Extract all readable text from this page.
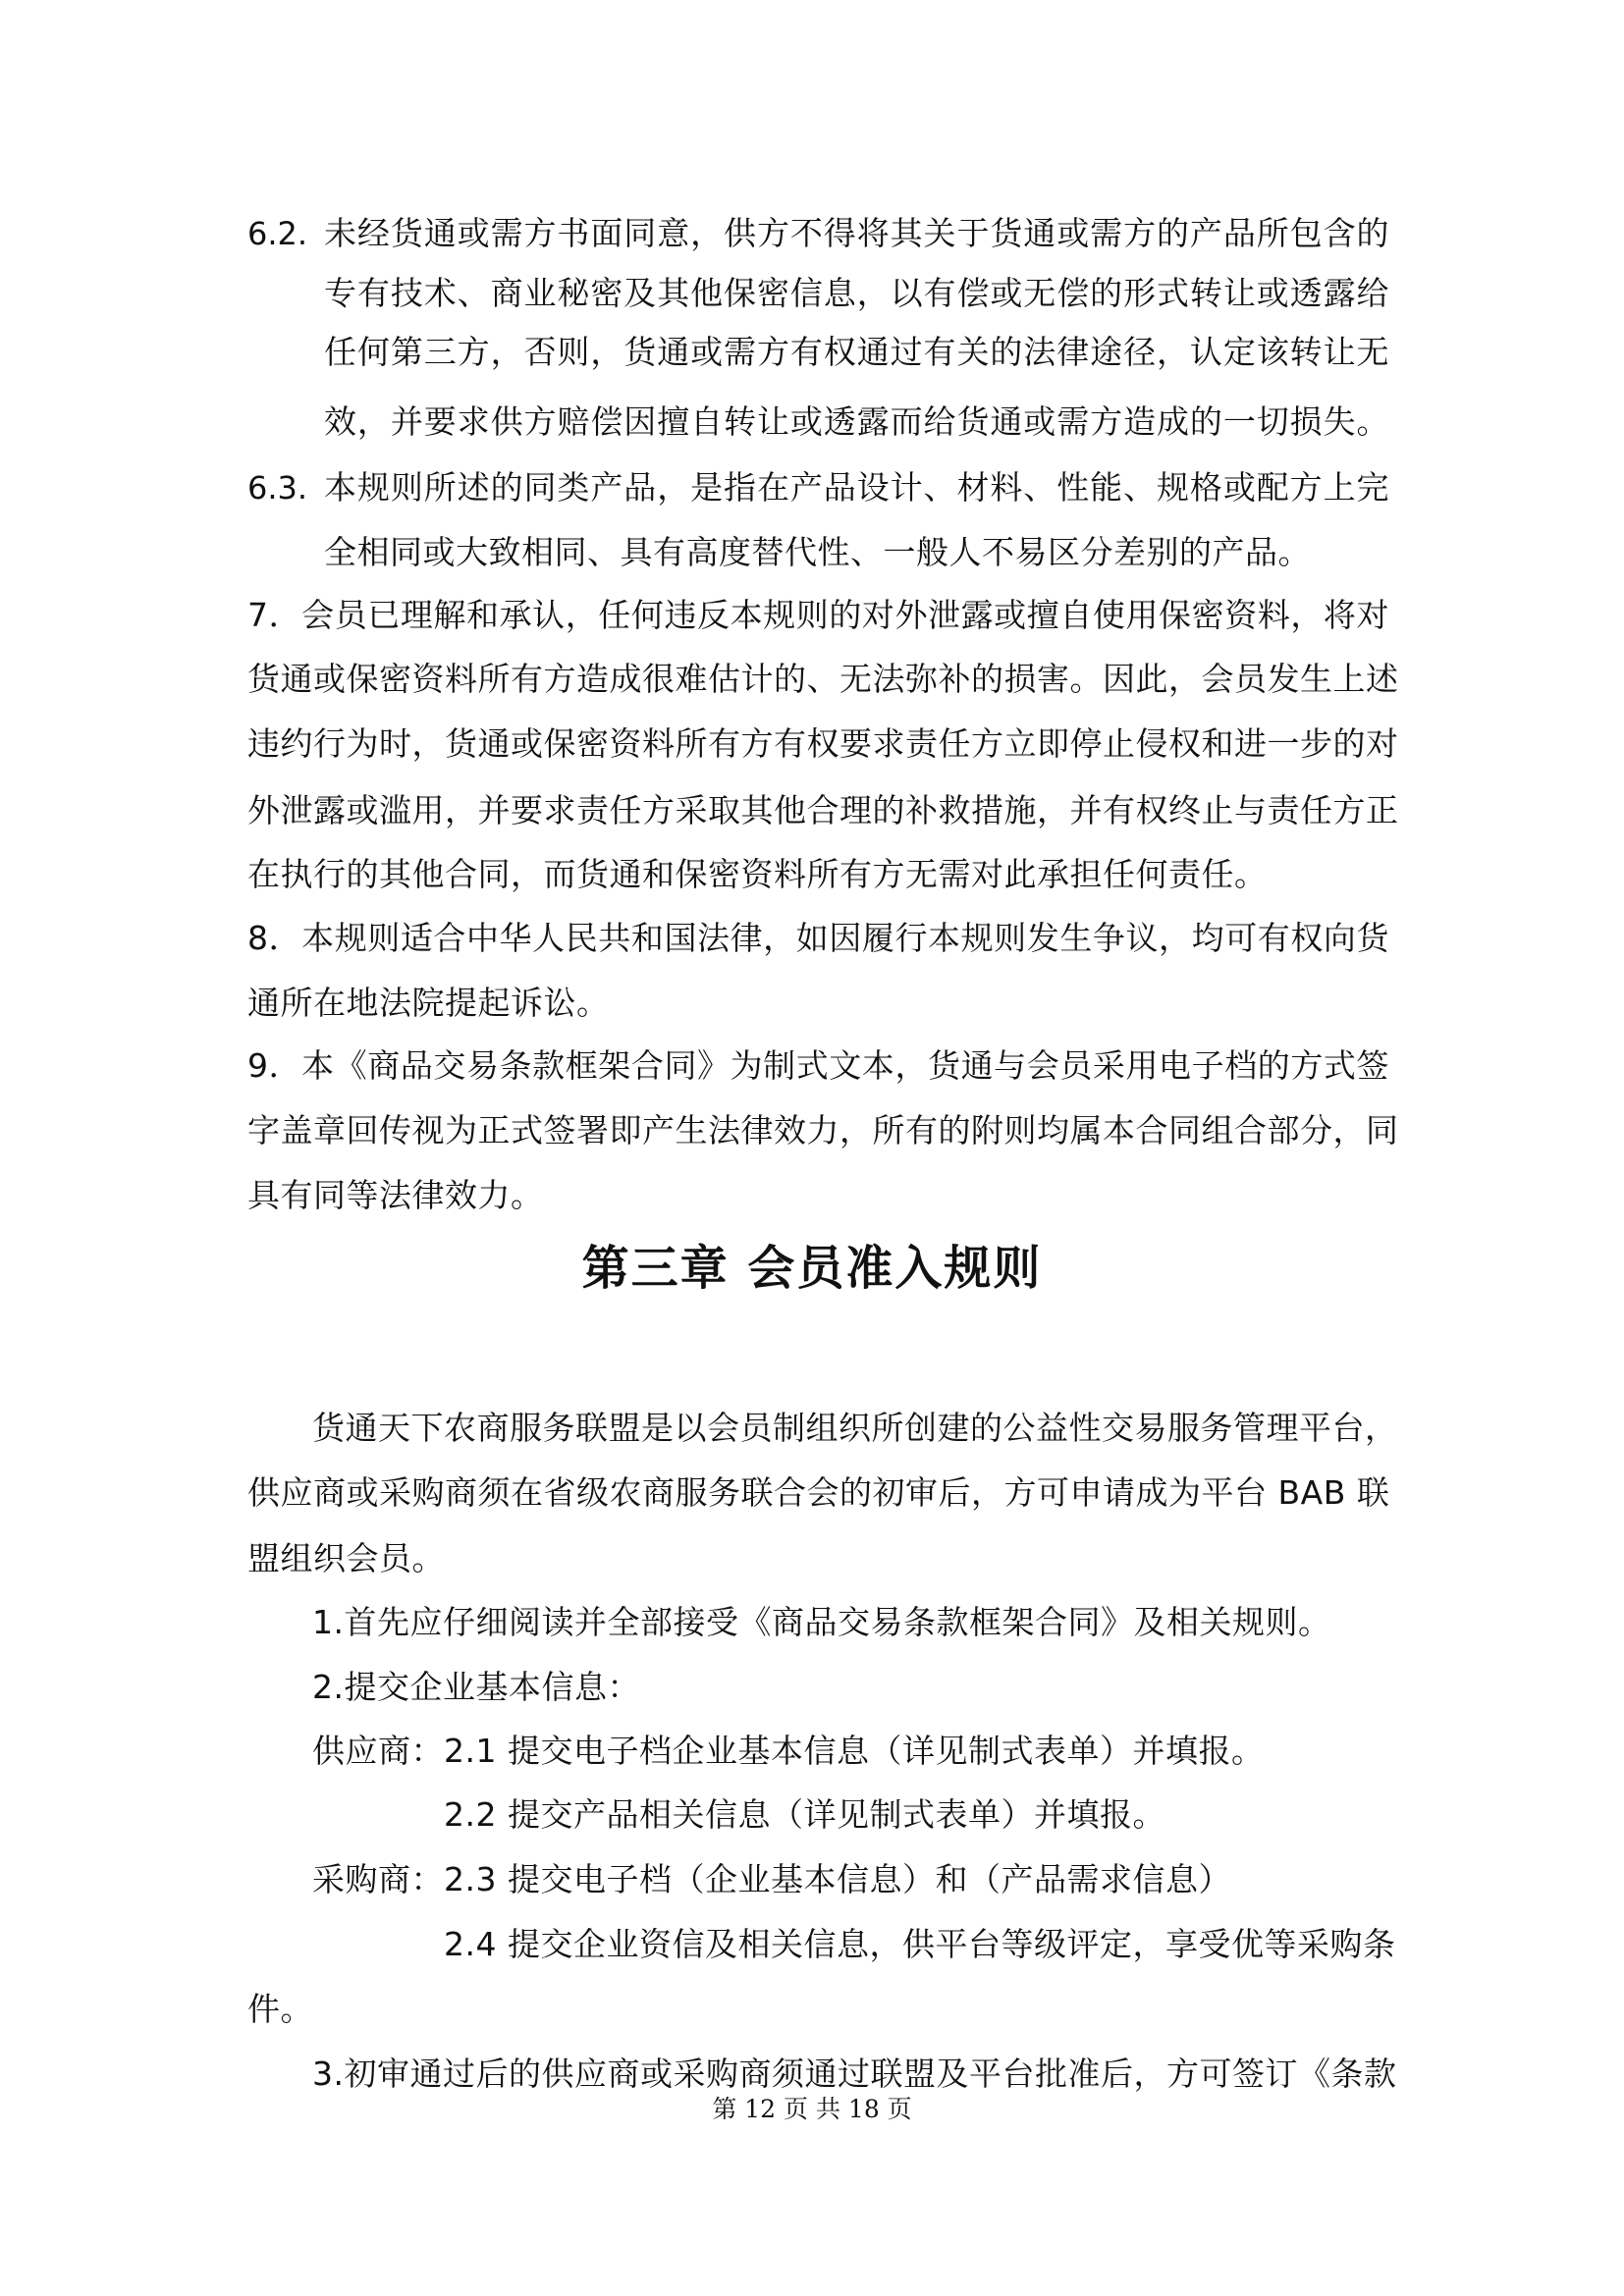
6.2. 未经货通或需方书面同意，供方不得将其关于货通或需方的产品所包含的
专有技术、商业秘密及其他保密信息，以有偿或无偿的形式转让或透露给
任何第三方，否则，货通或需方有权通过有关的法律途径，认定该转让无
效，并要求供方赔偿因擅自转让或透露而给货通或需方造成的一切损失。
6.3. 本规则所述的同类产品，是指在产品设计、材料、性能、规格或配方上完
全相同或大致相同、具有高度替代性、一般人不易区分差别的产品。
7．会员已理解和承认，任何违反本规则的对外泄露或擅自使用保密资料，将对
货通或保密资料所有方造成很难估计的、无法弥补的损害。因此，会员发生上述
违约行为时，货通或保密资料所有方有权要求责任方立即停止侵权和进一步的对
外泄露或滥用，并要求责任方采取其他合理的补救措施，并有权终止与责任方正
在执行的其他合同，而货通和保密资料所有方无需对此承担任何责任。
8．本规则适合中华人民共和国法律，如因履行本规则发生争议，均可有权向货
通所在地法院提起诉讼。
9．本《商品交易条款框架合同》为制式文本，货通与会员采用电子档的方式签
字盖章回传视为正式签署即产生法律效力，所有的附则均属本合同组合部分，同
具有同等法律效力。
第三章 会员准入规则
货通天下农商服务联盟是以会员制组织所创建的公益性交易服务管理平台，
供应商或采购商须在省级农商服务联合会的初审后，方可申请成为平台 BAB 联
盟组织会员。
1.首先应仔细阅读并全部接受《商品交易条款框架合同》及相关规则。
2.提交企业基本信息：
供应商： 2.1 提交电子档企业基本信息（详见制式表单）并填报。
2.2 提交产品相关信息（详见制式表单）并填报。
采购商： 2.3 提交电子档（企业基本信息）和（产品需求信息）
2.4 提交企业资信及相关信息，供平台等级评定，享受优等采购条
件。
3.初审通过后的供应商或采购商须通过联盟及平台批准后，方可签订《条款
第 12 页 共 18 页
